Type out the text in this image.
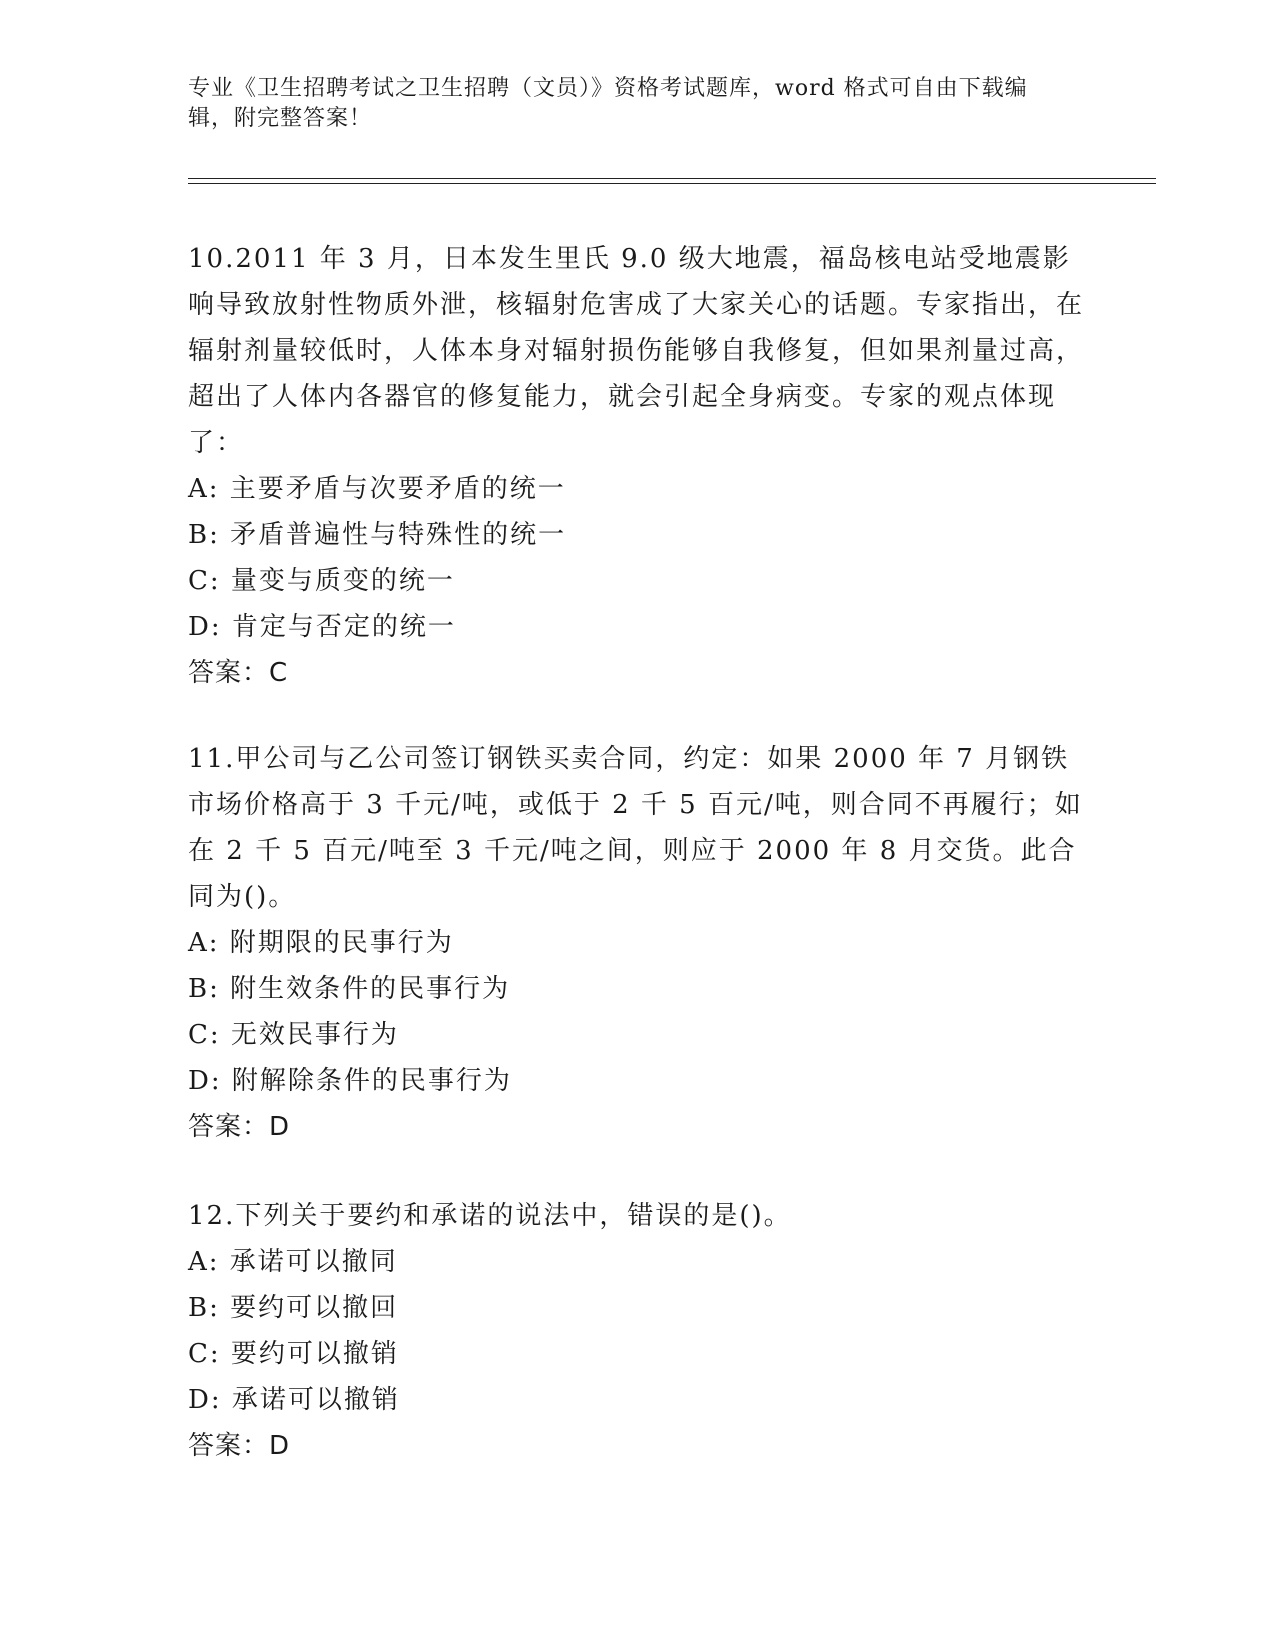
专业《卫生招聘考试之卫生招聘（文员）》资格考试题库，word 格式可自由下载编辑，附完整答案！

10.2011 年 3 月，日本发生里氏 9.0 级大地震，福岛核电站受地震影响导致放射性物质外泄，核辐射危害成了大家关心的话题。专家指出，在辐射剂量较低时，人体本身对辐射损伤能够自我修复，但如果剂量过高，超出了人体内各器官的修复能力，就会引起全身病变。专家的观点体现了：

A: 主要矛盾与次要矛盾的统一

B: 矛盾普遍性与特殊性的统一

C: 量变与质变的统一

D: 肯定与否定的统一

答案：C

11.甲公司与乙公司签订钢铁买卖合同，约定：如果 2000 年 7 月钢铁市场价格高于 3 千元/吨，或低于 2 千 5 百元/吨，则合同不再履行；如在 2 千 5 百元/吨至 3 千元/吨之间，则应于 2000 年 8 月交货。此合同为()。

A: 附期限的民事行为

B: 附生效条件的民事行为

C: 无效民事行为

D: 附解除条件的民事行为

答案：D

12.下列关于要约和承诺的说法中，错误的是()。

A: 承诺可以撤同

B: 要约可以撤回

C: 要约可以撤销

D: 承诺可以撤销

答案：D
